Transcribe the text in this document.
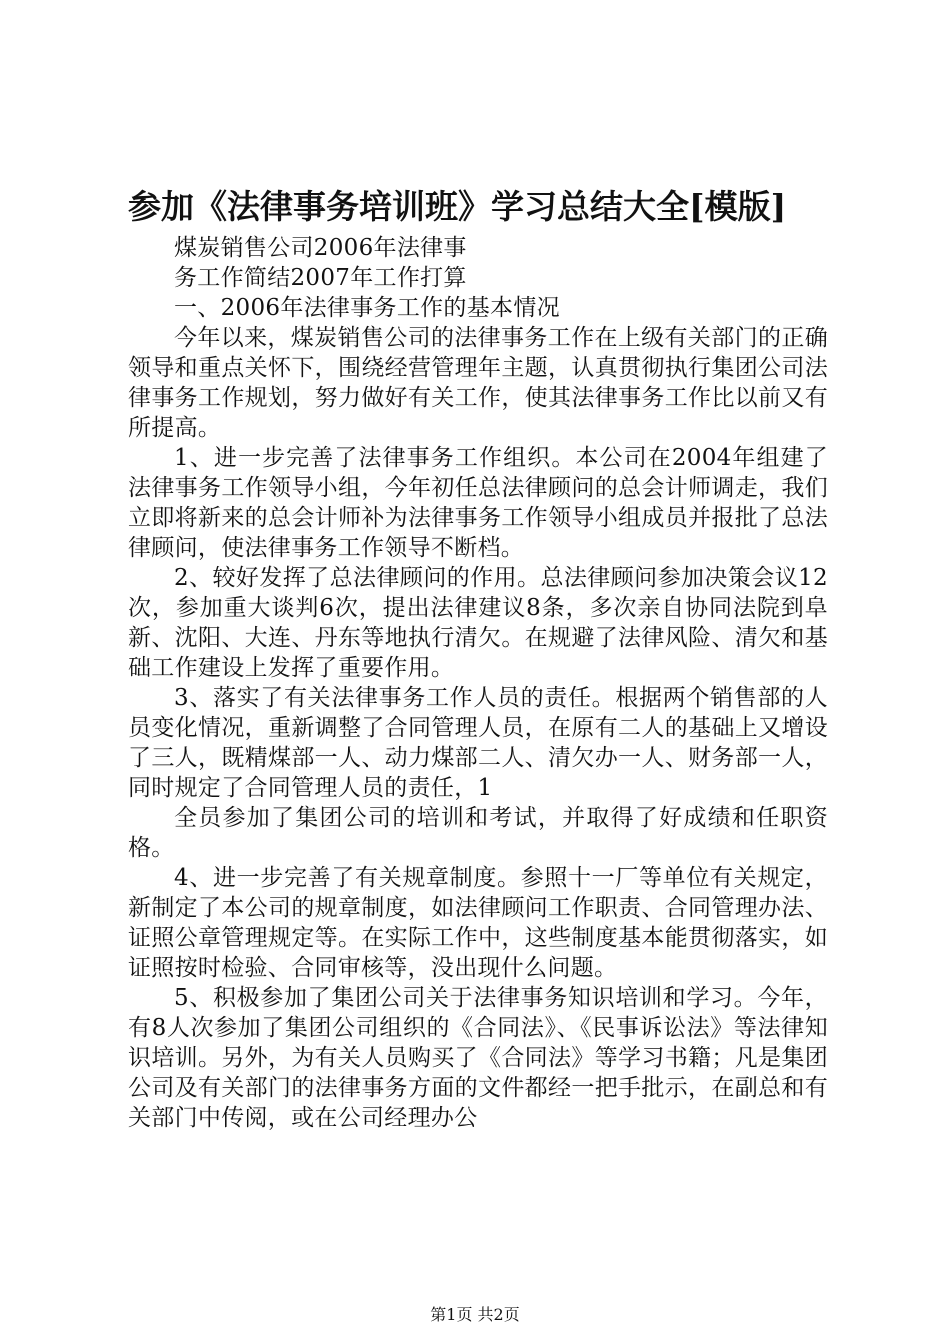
参加《法律事务培训班》学习总结大全[模版]

煤炭销售公司2006年法律事

务工作简结2007年工作打算

一、2006年法律事务工作的基本情况

今年以来，煤炭销售公司的法律事务工作在上级有关部门的正确领导和重点关怀下，围绕经营管理年主题，认真贯彻执行集团公司法律事务工作规划，努力做好有关工作，使其法律事务工作比以前又有所提高。

1、进一步完善了法律事务工作组织。本公司在2004年组建了法律事务工作领导小组，今年初任总法律顾问的总会计师调走，我们立即将新来的总会计师补为法律事务工作领导小组成员并报批了总法律顾问，使法律事务工作领导不断档。

2、较好发挥了总法律顾问的作用。总法律顾问参加决策会议12次，参加重大谈判6次，提出法律建议8条，多次亲自协同法院到阜新、沈阳、大连、丹东等地执行清欠。在规避了法律风险、清欠和基础工作建设上发挥了重要作用。

3、落实了有关法律事务工作人员的责任。根据两个销售部的人员变化情况，重新调整了合同管理人员，在原有二人的基础上又增设了三人，既精煤部一人、动力煤部二人、清欠办一人、财务部一人，同时规定了合同管理人员的责任，1

全员参加了集团公司的培训和考试，并取得了好成绩和任职资格。

4、进一步完善了有关规章制度。参照十一厂等单位有关规定，新制定了本公司的规章制度，如法律顾问工作职责、合同管理办法、证照公章管理规定等。在实际工作中，这些制度基本能贯彻落实，如证照按时检验、合同审核等，没出现什么问题。

5、积极参加了集团公司关于法律事务知识培训和学习。今年，有8人次参加了集团公司组织的《合同法》、《民事诉讼法》等法律知识培训。另外，为有关人员购买了《合同法》等学习书籍；凡是集团公司及有关部门的法律事务方面的文件都经一把手批示，在副总和有关部门中传阅，或在公司经理办公

第1页 共2页
